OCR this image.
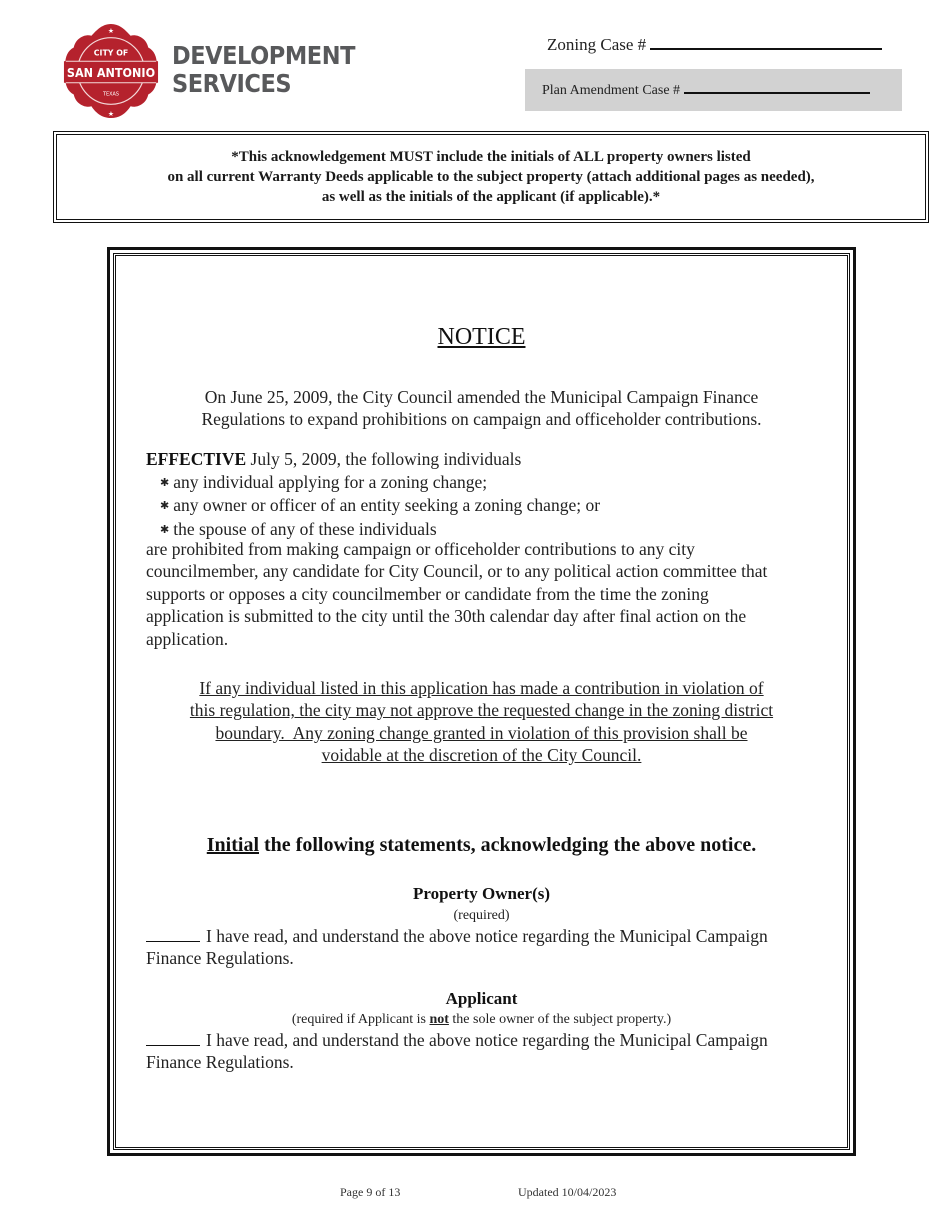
★
★
CITY OF
SAN ANTONIO
TEXAS
DEVELOPMENT
SERVICES
Zoning Case #
Plan Amendment Case #
*This acknowledgement MUST include the initials of ALL property owners listed
on all current Warranty Deeds applicable to the subject property (attach additional pages as needed),
as well as the initials of the applicant (if applicable).*
NOTICE
On June 25, 2009, the City Council amended the Municipal Campaign Finance
Regulations to expand prohibitions on campaign and officeholder contributions.
EFFECTIVE July 5, 2009, the following individuals
✱ any individual applying for a zoning change;
✱ any owner or officer of an entity seeking a zoning change; or
✱ the spouse of any of these individuals
are prohibited from making campaign or officeholder contributions to any city
councilmember, any candidate for City Council, or to any political action committee that
supports or opposes a city councilmember or candidate from the time the zoning
application is submitted to the city until the 30th calendar day after final action on the
application.
If any individual listed in this application has made a contribution in violation of
this regulation, the city may not approve the requested change in the zoning district
boundary.  Any zoning change granted in violation of this provision shall be
voidable at the discretion of the City Council.
Initial the following statements, acknowledging the above notice.
Property Owner(s)
(required)
I have read, and understand the above notice regarding the Municipal Campaign
Finance Regulations.
Applicant
(required if Applicant is not the sole owner of the subject property.)
I have read, and understand the above notice regarding the Municipal Campaign
Finance Regulations.
Page 9 of 13	Updated 10/04/2023
